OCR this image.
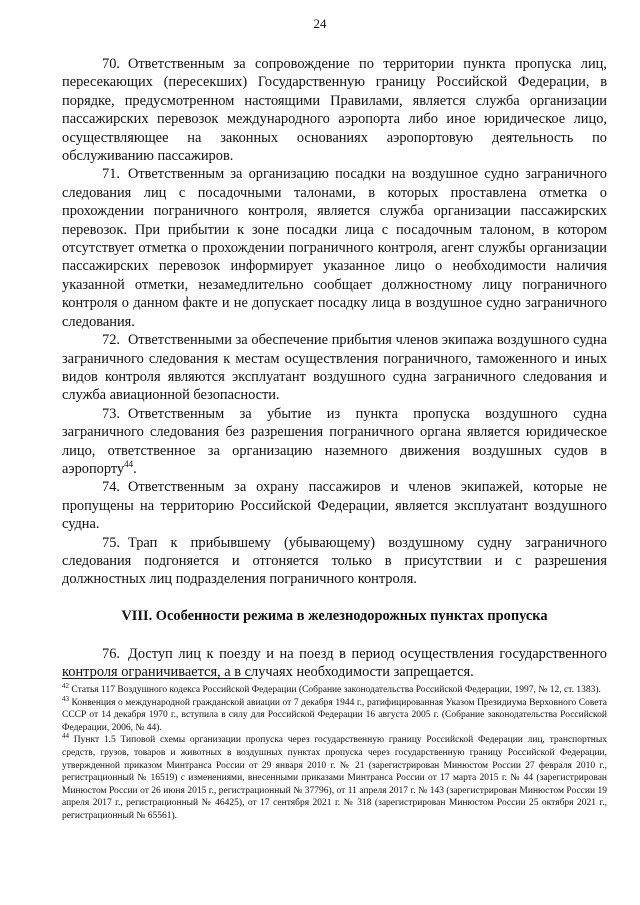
24

70. Ответственным за сопровождение по территории пункта пропуска лиц, пересекающих (пересекших) Государственную границу Российской Федерации, в порядке, предусмотренном настоящими Правилами, является служба организации пассажирских перевозок международного аэропорта либо иное юридическое лицо, осуществляющее на законных основаниях аэропортовую деятельность по обслуживанию пассажиров.

71. Ответственным за организацию посадки на воздушное судно заграничного следования лиц с посадочными талонами, в которых проставлена отметка о прохождении пограничного контроля, является служба организации пассажирских перевозок. При прибытии к зоне посадки лица с посадочным талоном, в котором отсутствует отметка о прохождении пограничного контроля, агент службы организации пассажирских перевозок информирует указанное лицо о необходимости наличия указанной отметки, незамедлительно сообщает должностному лицу пограничного контроля о данном факте и не допускает посадку лица в воздушное судно заграничного следования.

72. Ответственными за обеспечение прибытия членов экипажа воздушного судна заграничного следования к местам осуществления пограничного, таможенного и иных видов контроля являются эксплуатант воздушного судна заграничного следования и служба авиационной безопасности.

73. Ответственным за убытие из пункта пропуска воздушного судна заграничного следования без разрешения пограничного органа является юридическое лицо, ответственное за организацию наземного движения воздушных судов в аэропорту$^{44}$.

74. Ответственным за охрану пассажиров и членов экипажей, которые не пропущены на территорию Российской Федерации, является эксплуатант воздушного судна.

75. Трап к прибывшему (убывающему) воздушному судну заграничного следования подгоняется и отгоняется только в присутствии и с разрешения должностных лиц подразделения пограничного контроля.

VIII. Особенности режима в железнодорожных пунктах пропуска

76. Доступ лиц к поезду и на поезд в период осуществления государственного контроля ограничивается, а в случаях необходимости запрещается.

$^{42}$ Статья 117 Воздушного кодекса Российской Федерации (Собрание законодательства Российской Федерации, 1997, № 12, ст. 1383).

$^{43}$ Конвенция о международной гражданской авиации от 7 декабря 1944 г., ратифицированная Указом Президиума Верховного Совета СССР от 14 декабря 1970 г., вступила в силу для Российской Федерации 16 августа 2005 г. (Собрание законодательства Российской Федерации, 2006, № 44).

$^{44}$ Пункт 1.5 Типовой схемы организации пропуска через государственную границу Российской Федерации лиц, транспортных средств, грузов, товаров и животных в воздушных пунктах пропуска через государственную границу Российской Федерации, утвержденной приказом Минтранса России от 29 января 2010 г. № 21 (зарегистрирован Минюстом России 27 февраля 2010 г., регистрационный № 16519) с изменениями, внесенными приказами Минтранса России от 17 марта 2015 г. № 44 (зарегистрирован Минюстом России от 26 июня 2015 г., регистрационный № 37796), от 11 апреля 2017 г. № 143 (зарегистрирован Минюстом России 19 апреля 2017 г., регистрационный № 46425), от 17 сентября 2021 г. № 318 (зарегистрирован Минюстом России 25 октября 2021 г., регистрационный № 65561).
